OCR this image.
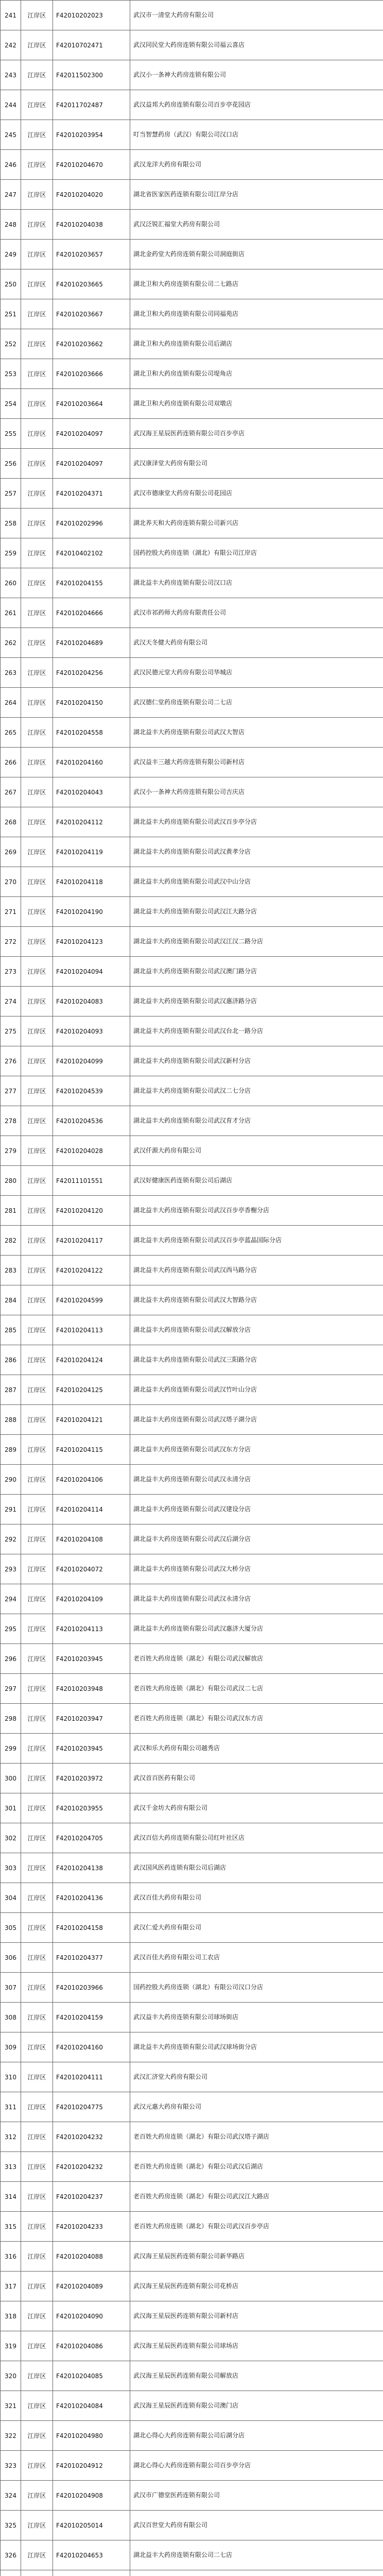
241	江岸区	F42010202023	武汉市一清堂大药房有限公司
242	江岸区	F42010702471	武汉同民堂大药房连锁有限公司福云喜店
243	江岸区	F42011502300	武汉小一条神大药房连锁有限公司
244	江岸区	F42011702487	武汉益邦大药房连锁有限公司百步亭花园店
245	江岸区	F42010203954	叮当智慧药房（武汉）有限公司汉口店
246	江岸区	F42010204670	武汉龙洋大药房有限公司
247	江岸区	F42010204020	湖北省医家医药连锁有限公司江岸分店
248	江岸区	F42010204038	武汉泛锐汇福堂大药房有限公司
249	江岸区	F42010203657	湖北金药堂大药房连锁有限公司洞庭街店
250	江岸区	F42010203665	湖北卫和大药房连锁有限公司二七路店
251	江岸区	F42010203667	湖北卫和大药房连锁有限公司同福苑店
252	江岸区	F42010203662	湖北卫和大药房连锁有限公司后湖店
253	江岸区	F42010203666	湖北卫和大药房连锁有限公司堤角店
254	江岸区	F42010203664	湖北卫和大药房连锁有限公司双墩店
255	江岸区	F42010204097	武汉海王星辰医药连锁有限公司百步亭店
256	江岸区	F42010204097	武汉康泽堂大药房有限公司
257	江岸区	F42010204371	武汉市德康堂大药房有限公司花园店
258	江岸区	F42010202996	湖北养天和大药房连锁有限公司新兴店
259	江岸区	F42010402102	国药控股大药房连锁（湖北）有限公司江岸店
260	江岸区	F42010204155	湖北益丰大药房连锁有限公司汉口店
261	江岸区	F42010204666	武汉市祁药师大药房有限责任公司
262	江岸区	F42010204689	武汉天冬健大药房有限公司
263	江岸区	F42010204256	武汉民德元堂大药房有限公司华城店
264	江岸区	F42010204150	武汉德仁堂药房连锁有限公司二七店
265	江岸区	F42010204558	湖北益丰大药房连锁有限公司武汉大智店
266	江岸区	F42010204160	武汉益丰三越大药房连锁有限公司新村店
267	江岸区	F42010204043	武汉小一条神大药房连锁有限公司吉庆店
268	江岸区	F42010204112	湖北益丰大药房连锁有限公司武汉百步亭分店
269	江岸区	F42010204119	湖北益丰大药房连锁有限公司武汉黄孝分店
270	江岸区	F42010204118	湖北益丰大药房连锁有限公司武汉中山分店
271	江岸区	F42010204190	湖北益丰大药房连锁有限公司武汉江大路分店
272	江岸区	F42010204123	湖北益丰大药房连锁有限公司武汉江汉二路分店
273	江岸区	F42010204094	湖北益丰大药房连锁有限公司武汉澳门路分店
274	江岸区	F42010204083	湖北益丰大药房连锁有限公司武汉惠济路分店
275	江岸区	F42010204093	湖北益丰大药房连锁有限公司武汉台北一路分店
276	江岸区	F42010204099	湖北益丰大药房连锁有限公司武汉新村分店
277	江岸区	F42010204539	湖北益丰大药房连锁有限公司武汉二七分店
278	江岸区	F42010204536	湖北益丰大药房连锁有限公司武汉育才分店
279	江岸区	F42010204028	武汉仟源大药房有限公司
280	江岸区	F42011101551	武汉好健康医药连锁有限公司后湖店
281	江岸区	F42010204120	湖北益丰大药房连锁有限公司武汉百步亭香榭分店
282	江岸区	F42010204117	湖北益丰大药房连锁有限公司武汉百步亭蓝晶国际分店
283	江岸区	F42010204122	湖北益丰大药房连锁有限公司武汉西马路分店
284	江岸区	F42010204599	湖北益丰大药房连锁有限公司武汉大智路分店
285	江岸区	F42010204113	湖北益丰大药房连锁有限公司武汉解放分店
286	江岸区	F42010204124	湖北益丰大药房连锁有限公司武汉三阳路分店
287	江岸区	F42010204125	湖北益丰大药房连锁有限公司武汉竹叶山分店
288	江岸区	F42010204121	湖北益丰大药房连锁有限公司武汉塔子湖分店
289	江岸区	F42010204115	湖北益丰大药房连锁有限公司武汉东方分店
290	江岸区	F42010204106	湖北益丰大药房连锁有限公司武汉永清分店
291	江岸区	F42010204114	湖北益丰大药房连锁有限公司武汉建设分店
292	江岸区	F42010204108	湖北益丰大药房连锁有限公司武汉后湖分店
293	江岸区	F42010204072	湖北益丰大药房连锁有限公司武汉大桥分店
294	江岸区	F42010204109	湖北益丰大药房连锁有限公司武汉永清分店
295	江岸区	F42010204113	湖北益丰大药房连锁有限公司武汉惠济大厦分店
296	江岸区	F42010203945	老百姓大药房连锁（湖北）有限公司武汉解放店
297	江岸区	F42010203948	老百姓大药房连锁（湖北）有限公司武汉二七店
298	江岸区	F42010203947	老百姓大药房连锁（湖北）有限公司武汉东方店
299	江岸区	F42010203945	武汉和乐大药房有限公司越秀店
300	江岸区	F42010203972	武汉首百医药有限公司
301	江岸区	F42010203955	武汉千金坊大药房有限公司
302	江岸区	F42010204705	武汉百信大药房连锁有限公司红叶社区店
303	江岸区	F42010204138	武汉国风医药连锁有限公司后湖店
304	江岸区	F42010204136	武汉百佳大药房有限公司
305	江岸区	F42010204158	武汉仁爱大药房有限公司
306	江岸区	F42010204377	武汉百佳大药房有限公司工农店
307	江岸区	F42010203966	国药控股大药房连锁（湖北）有限公司汉口分店
308	江岸区	F42010204159	武汉益丰大药房连锁有限公司球场街店
309	江岸区	F42010204160	湖北益丰大药房连锁有限公司武汉球场街分店
310	江岸区	F42010204111	武汉汇济堂大药房有限公司
311	江岸区	F42010204775	武汉元惠大药房有限公司
312	江岸区	F42010204232	老百姓大药房连锁（湖北）有限公司武汉塔子湖店
313	江岸区	F42010204232	老百姓大药房连锁（湖北）有限公司武汉后湖店
314	江岸区	F42010204237	老百姓大药房连锁（湖北）有限公司武汉江大路店
315	江岸区	F42010204233	老百姓大药房连锁（湖北）有限公司武汉百步亭店
316	江岸区	F42010204088	武汉海王星辰医药连锁有限公司新华路店
317	江岸区	F42010204089	武汉海王星辰医药连锁有限公司花桥店
318	江岸区	F42010204090	武汉海王星辰医药连锁有限公司新村店
319	江岸区	F42010204086	武汉海王星辰医药连锁有限公司球场店
320	江岸区	F42010204085	武汉海王星辰医药连锁有限公司解放店
321	江岸区	F42010204084	武汉海王星辰医药连锁有限公司澳门店
322	江岸区	F42010204980	湖北心得心大药房连锁有限公司后湖分店
323	江岸区	F42010204912	湖北心得心大药房连锁有限公司百步亭分店
324	江岸区	F42010204908	武汉市广德堂医药连锁有限公司
325	江岸区	F42010205014	武汉百世堂大药房有限公司
326	江岸区	F42010204653	湖北益丰大药房连锁有限公司二七店
